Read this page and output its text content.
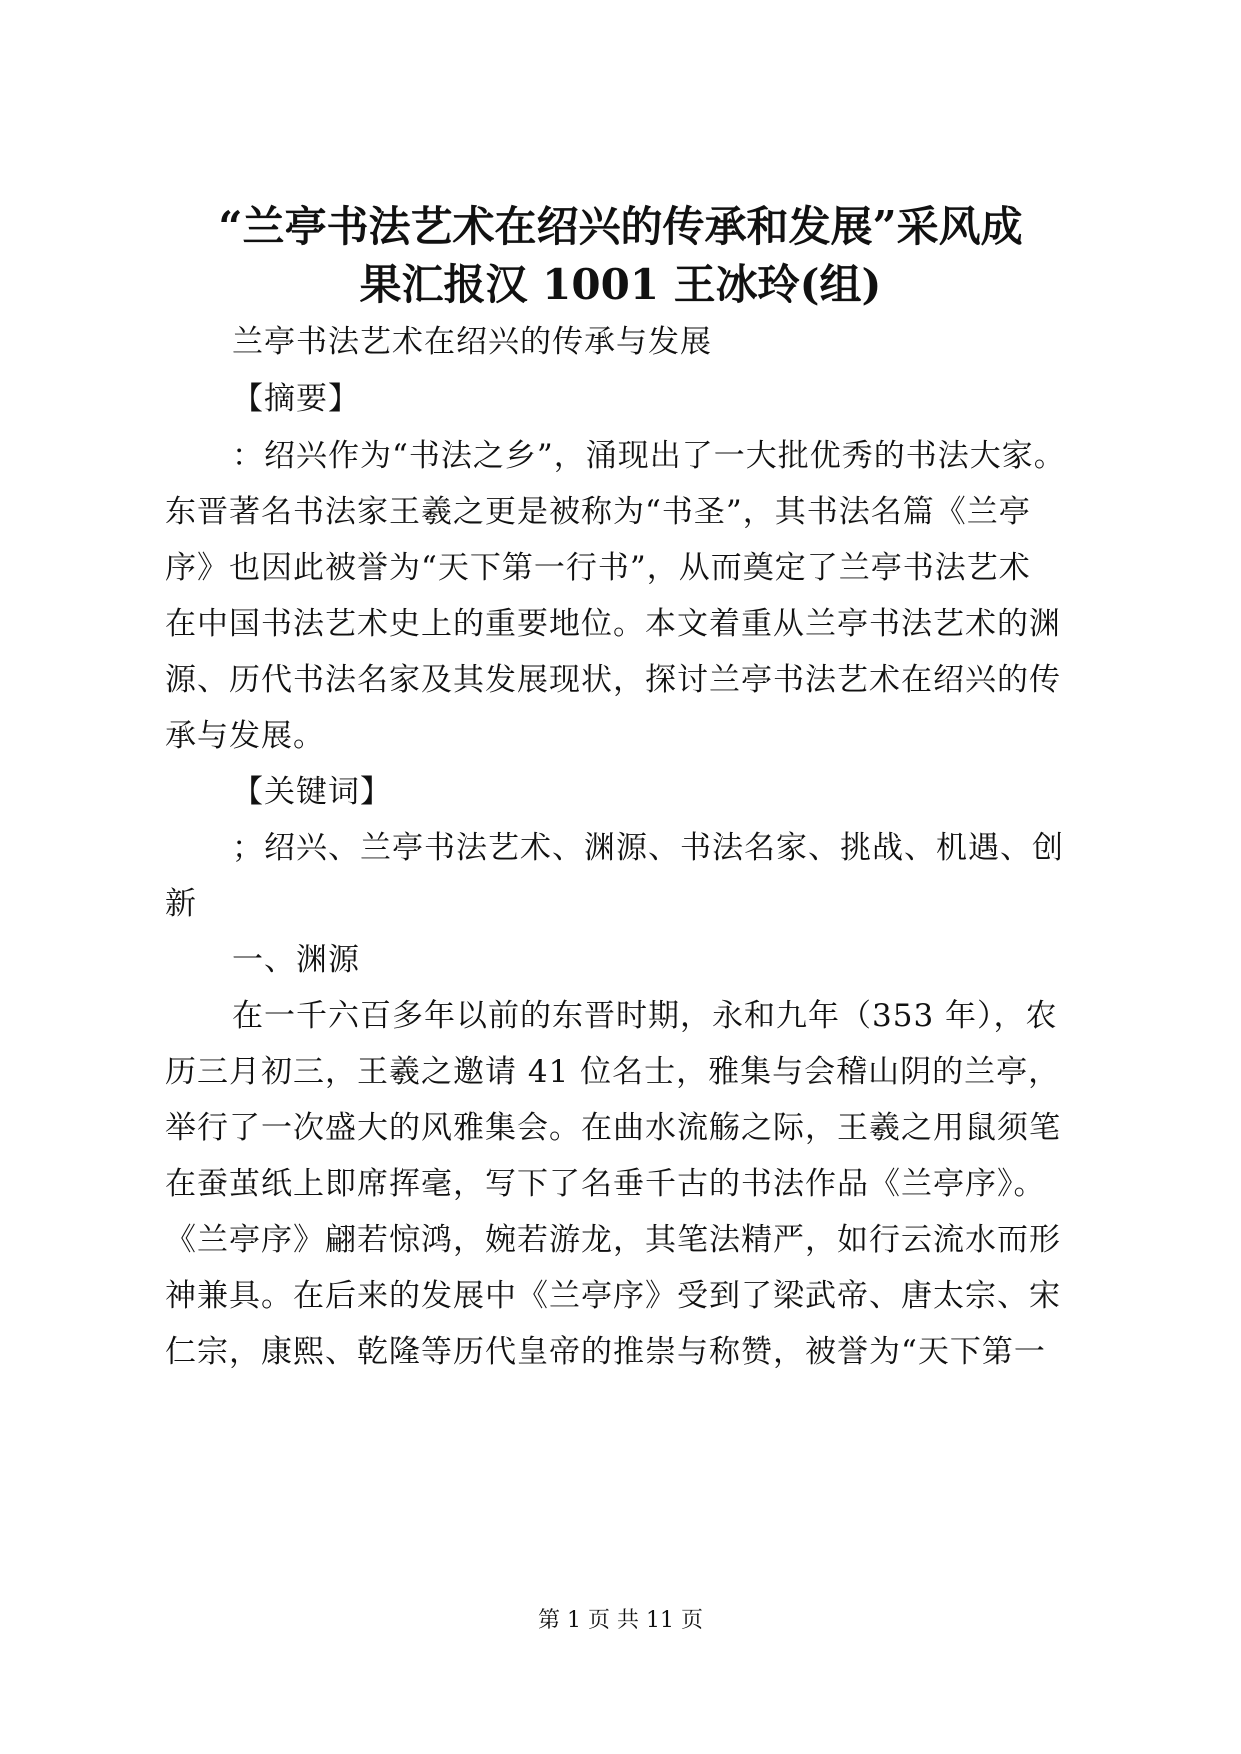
“兰亭书法艺术在绍兴的传承和发展”采风成
果汇报汉 1001 王冰玲(组)
兰亭书法艺术在绍兴的传承与发展
【摘要】
：绍兴作为“书法之乡”，涌现出了一大批优秀的书法大家。
东晋著名书法家王羲之更是被称为“书圣”，其书法名篇《兰亭
序》也因此被誉为“天下第一行书”，从而奠定了兰亭书法艺术
在中国书法艺术史上的重要地位。本文着重从兰亭书法艺术的渊
源、历代书法名家及其发展现状，探讨兰亭书法艺术在绍兴的传
承与发展。
【关键词】
；绍兴、兰亭书法艺术、渊源、书法名家、挑战、机遇、创
新
一、渊源
在一千六百多年以前的东晋时期，永和九年（353 年），农
历三月初三，王羲之邀请 41 位名士，雅集与会稽山阴的兰亭，
举行了一次盛大的风雅集会。在曲水流觞之际，王羲之用鼠须笔
在蚕茧纸上即席挥毫，写下了名垂千古的书法作品《兰亭序》。
《兰亭序》翩若惊鸿，婉若游龙，其笔法精严，如行云流水而形
神兼具。在后来的发展中《兰亭序》受到了梁武帝、唐太宗、宋
仁宗，康熙、乾隆等历代皇帝的推崇与称赞，被誉为“天下第一
第 1 页 共 11 页
